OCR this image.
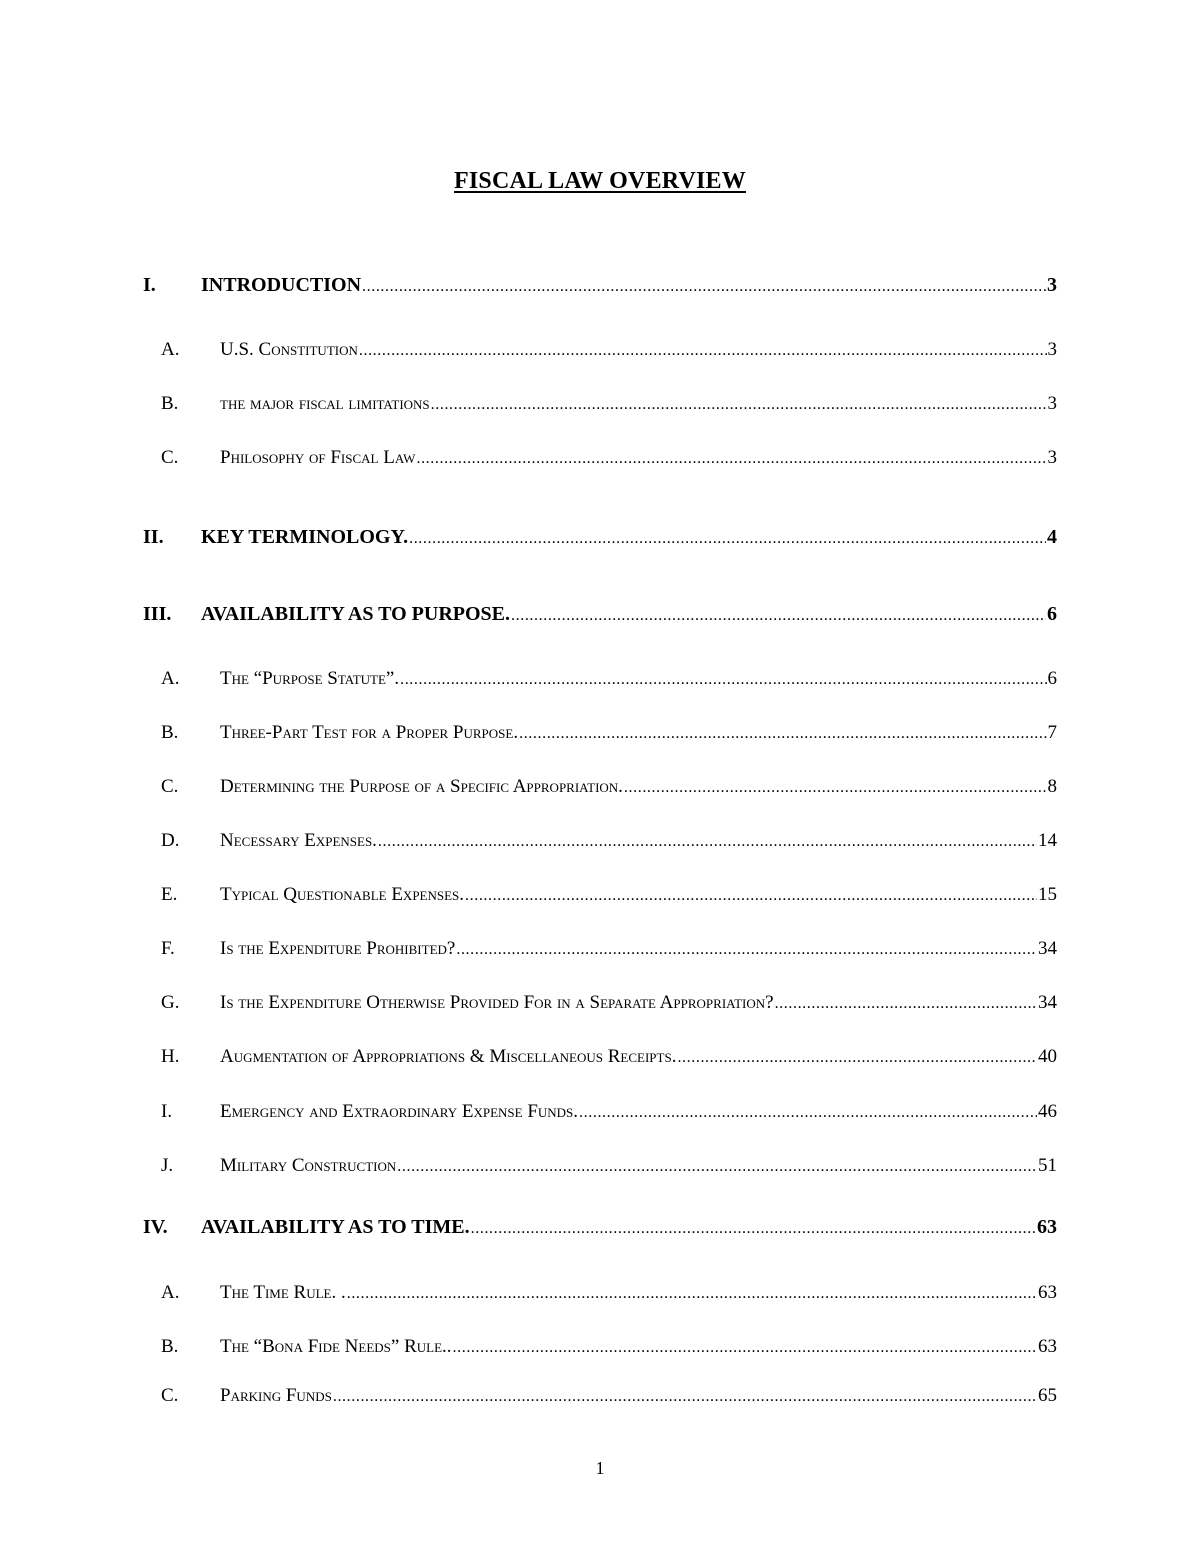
FISCAL LAW OVERVIEW
I. INTRODUCTION .....	3
A. U.S. Constitution .....	3
B. the major fiscal limitations .....	3
C. Philosophy of Fiscal Law .....	3
II. KEY TERMINOLOGY. .....	4
III. AVAILABILITY AS TO PURPOSE. .....	6
A. The “Purpose Statute”. .....	6
B. Three-Part Test for a Proper Purpose. .....	7
C. Determining the Purpose of a Specific Appropriation. .....	8
D. Necessary Expenses. .....	14
E. Typical Questionable Expenses. .....	15
F. Is the Expenditure Prohibited? .....	34
G. Is the Expenditure Otherwise Provided For in a Separate Appropriation? .....	34
H. Augmentation of Appropriations & Miscellaneous Receipts. .....	40
I.	Emergency and Extraordinary Expense Funds. .....	46
J. Military Construction .....	51
IV. AVAILABILITY AS TO TIME. .....	63
A. The Time Rule. . .....	63
B. The “Bona Fide Needs” Rule.. .....	63
C. Parking Funds .....	65
1
